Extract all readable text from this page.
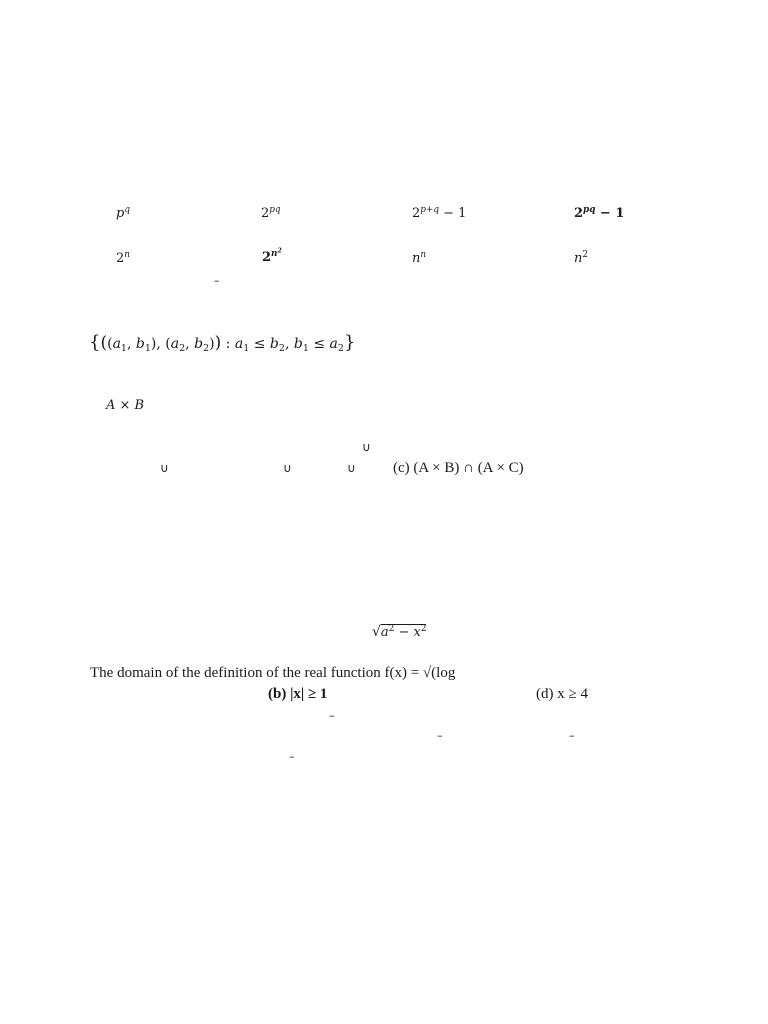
$p^q$	$2^{pq}$	$2^{p+q} - 1$	$2^{pq} - 1$
2$^n$	$2^{n^2}$	$n^n$	$n^2$
–
{(($a_1$, $b_1$), ($a_2$, $b_2$)) : $a_1 \le b_2$, $b_1 \le a_2$}
A × B
∪
∪	∪	∪ (c) (A × B) ∩ (A × C)
$√a^2 - x^2$
The domain of the definition of the real function f(x) = √(log
(b) |x| ≥ 1	(d) x ≥ 4
–
–	–
–
